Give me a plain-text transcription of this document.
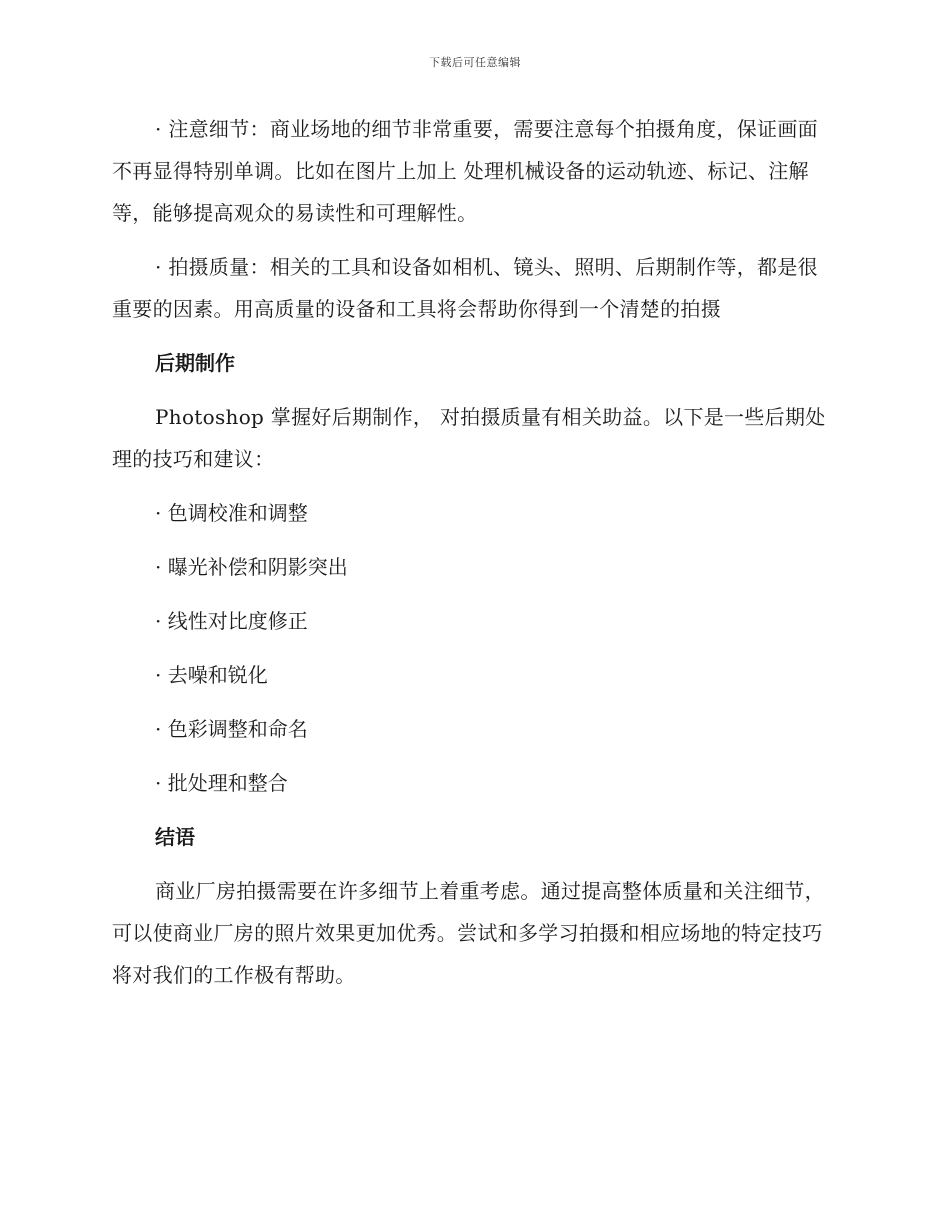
下载后可任意编辑

· 注意细节：商业场地的细节非常重要，需要注意每个拍摄角度，保证画面不再显得特别单调。比如在图片上加上 处理机械设备的运动轨迹、标记、注解等，能够提高观众的易读性和可理解性。

· 拍摄质量：相关的工具和设备如相机、镜头、照明、后期制作等，都是很重要的因素。用高质量的设备和工具将会帮助你得到一个清楚的拍摄

后期制作

Photoshop 掌握好后期制作， 对拍摄质量有相关助益。以下是一些后期处理的技巧和建议：

· 色调校准和调整
· 曝光补偿和阴影突出
· 线性对比度修正
· 去噪和锐化
· 色彩调整和命名
· 批处理和整合
结语

商业厂房拍摄需要在许多细节上着重考虑。通过提高整体质量和关注细节，可以使商业厂房的照片效果更加优秀。尝试和多学习拍摄和相应场地的特定技巧将对我们的工作极有帮助。
